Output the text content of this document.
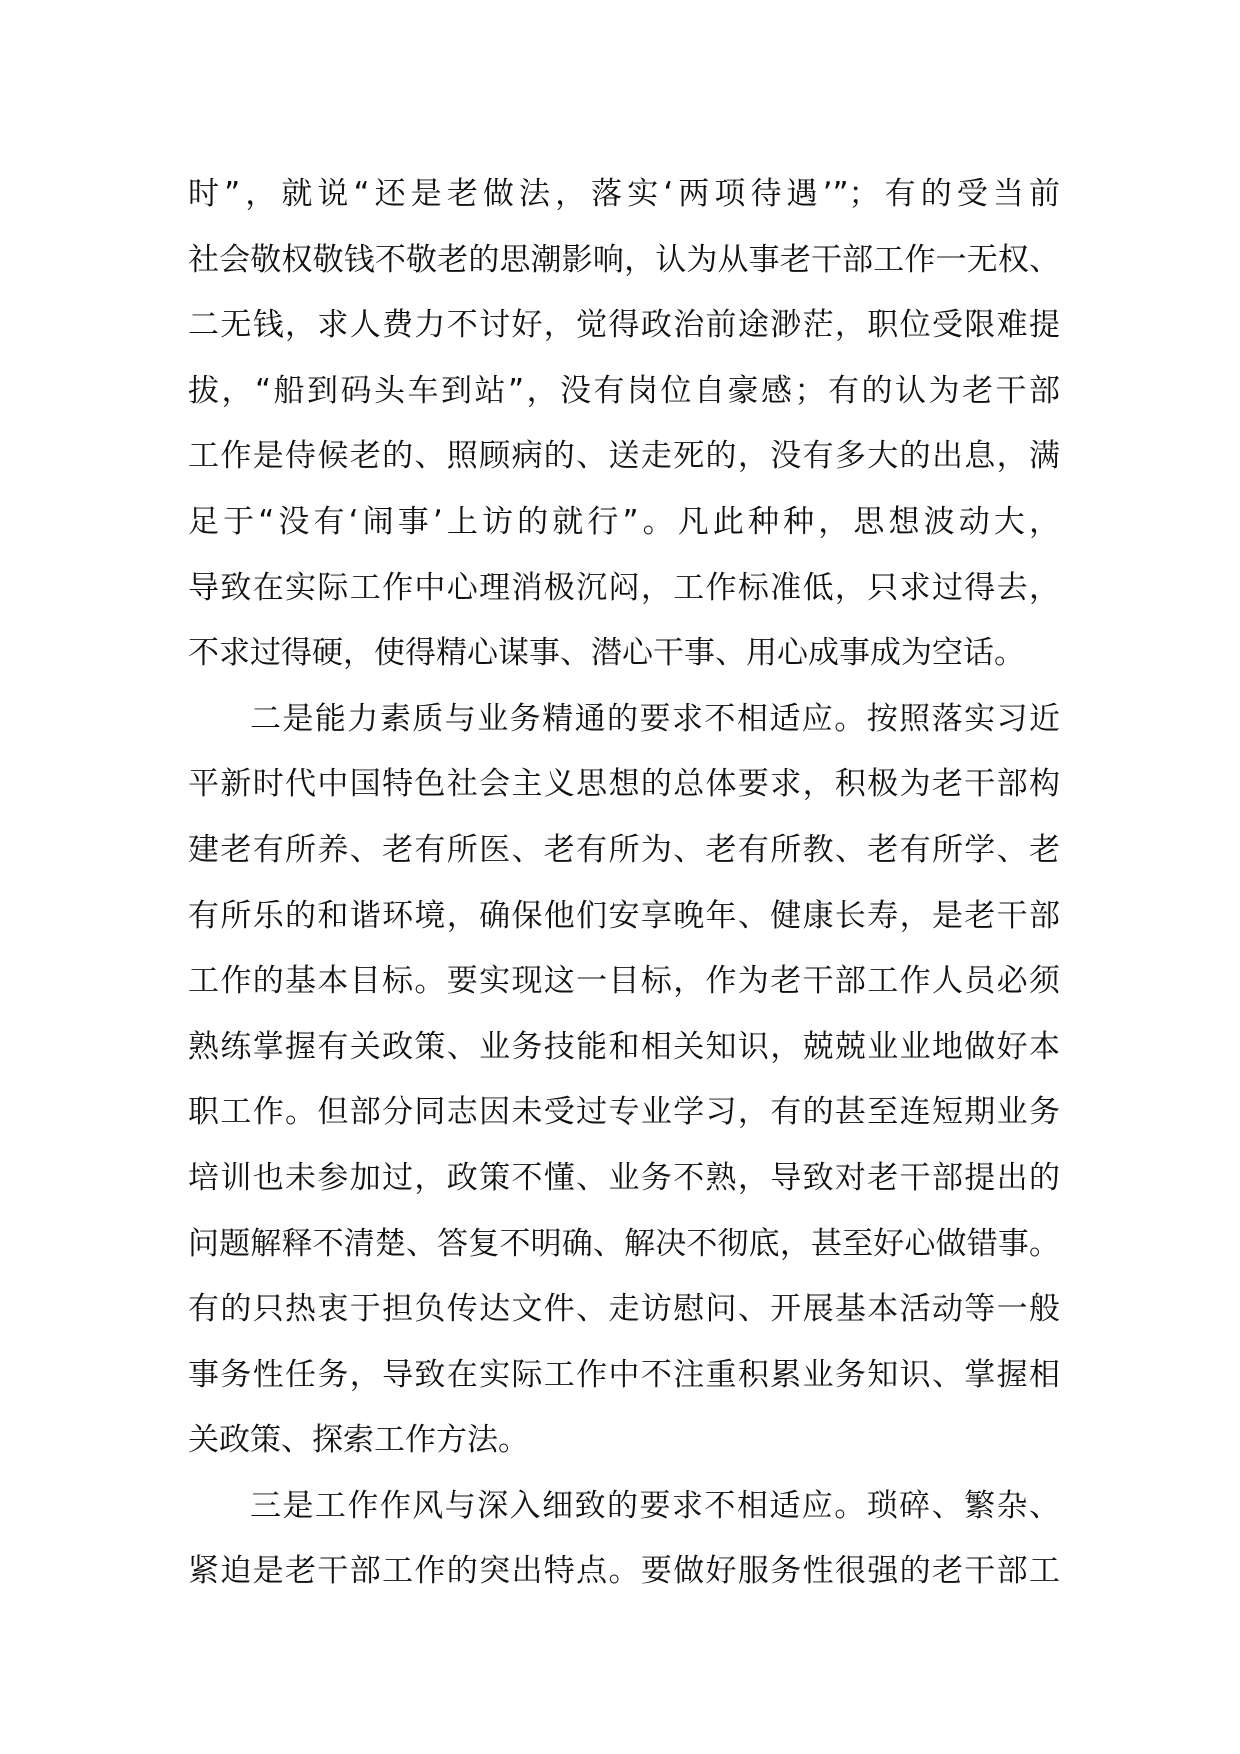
时”，就说“还是老做法，落实‘两项待遇’”；有的受当前
社会敬权敬钱不敬老的思潮影响，认为从事老干部工作一无权、
二无钱，求人费力不讨好，觉得政治前途渺茫，职位受限难提
拔，“船到码头车到站”，没有岗位自豪感；有的认为老干部
工作是侍候老的、照顾病的、送走死的，没有多大的出息，满
足于“没有‘闹事’上访的就行”。凡此种种，思想波动大，
导致在实际工作中心理消极沉闷，工作标准低，只求过得去，
不求过得硬，使得精心谋事、潜心干事、用心成事成为空话。
二是能力素质与业务精通的要求不相适应。按照落实习近
平新时代中国特色社会主义思想的总体要求，积极为老干部构
建老有所养、老有所医、老有所为、老有所教、老有所学、老
有所乐的和谐环境，确保他们安享晚年、健康长寿，是老干部
工作的基本目标。要实现这一目标，作为老干部工作人员必须
熟练掌握有关政策、业务技能和相关知识，兢兢业业地做好本
职工作。但部分同志因未受过专业学习，有的甚至连短期业务
培训也未参加过，政策不懂、业务不熟，导致对老干部提出的
问题解释不清楚、答复不明确、解决不彻底，甚至好心做错事。
有的只热衷于担负传达文件、走访慰问、开展基本活动等一般
事务性任务，导致在实际工作中不注重积累业务知识、掌握相
关政策、探索工作方法。
三是工作作风与深入细致的要求不相适应。琐碎、繁杂、
紧迫是老干部工作的突出特点。要做好服务性很强的老干部工
